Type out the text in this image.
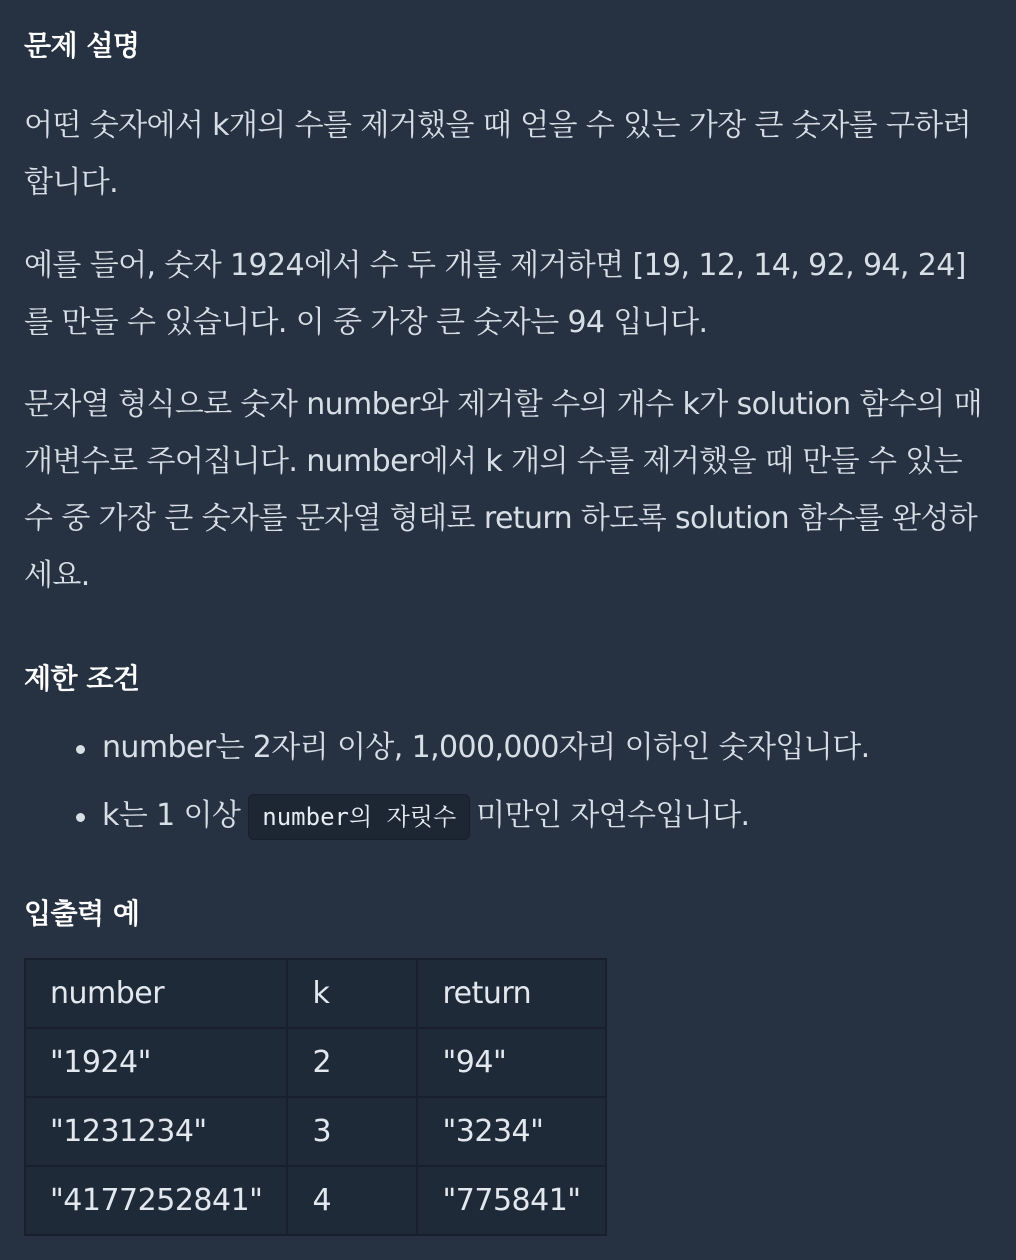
문제 설명

어떤 숫자에서 k개의 수를 제거했을 때 얻을 수 있는 가장 큰 숫자를 구하려 합니다.

예를 들어, 숫자 1924에서 수 두 개를 제거하면 [19, 12, 14, 92, 94, 24] 를 만들 수 있습니다. 이 중 가장 큰 숫자는 94 입니다.

문자열 형식으로 숫자 number와 제거할 수의 개수 k가 solution 함수의 매개변수로 주어집니다. number에서 k 개의 수를 제거했을 때 만들 수 있는 수 중 가장 큰 숫자를 문자열 형태로 return 하도록 solution 함수를 완성하세요.

제한 조건
number는 2자리 이상, 1,000,000자리 이하인 숫자입니다.
k는 1 이상 number의 자릿수 미만인 자연수입니다.
입출력 예
number	k	return
"1924"	2	"94"
"1231234"	3	"3234"
"4177252841"	4	"775841"
